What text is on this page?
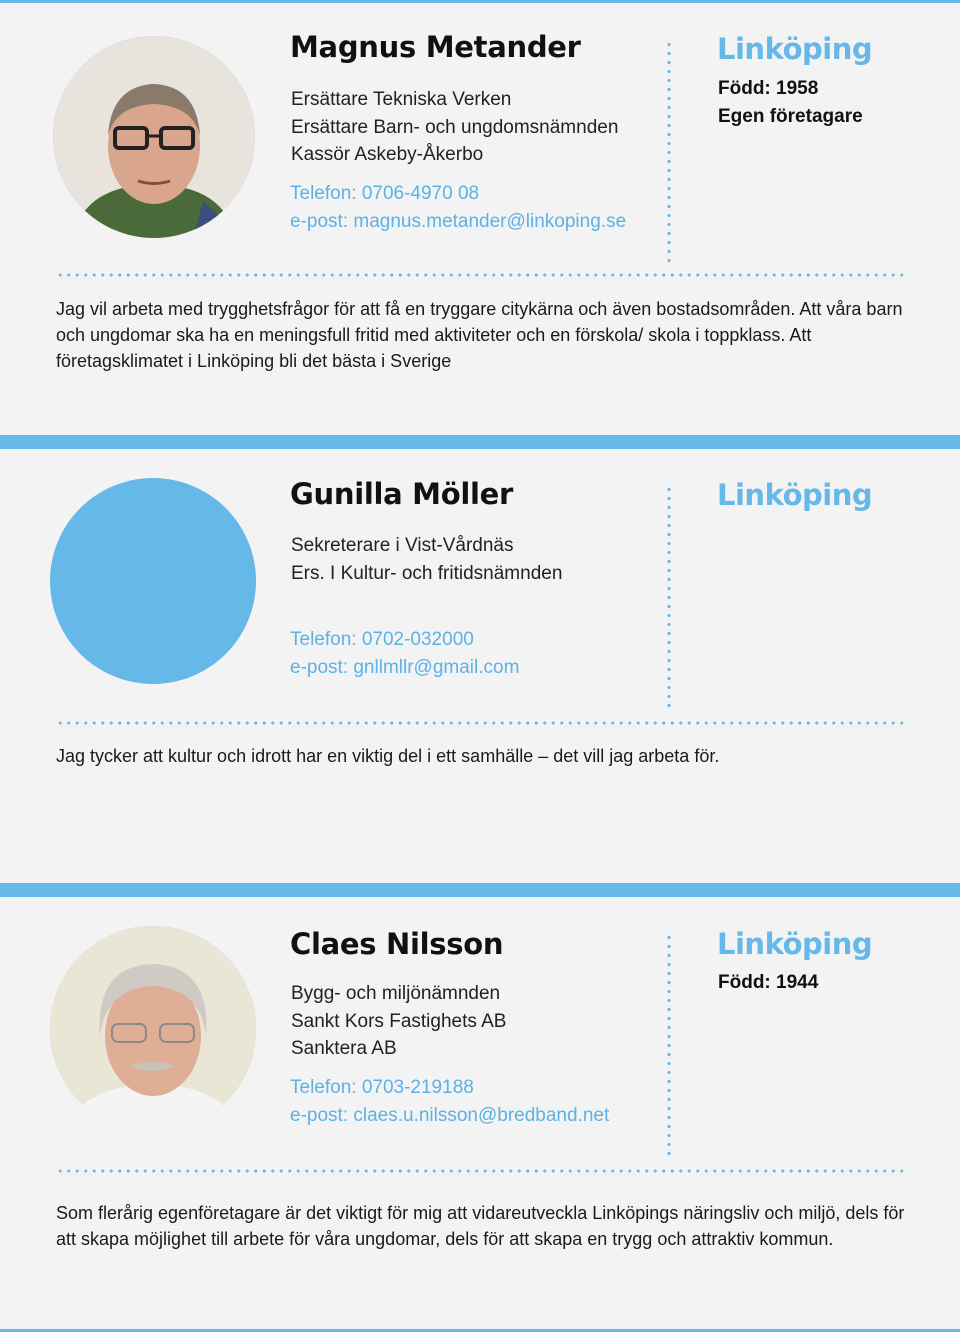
Magnus Metander
Ersättare Tekniska Verken
Ersättare Barn- och ungdomsnämnden
Kassör Askeby-Åkerbo
Telefon: 0706-4970 08
e-post: magnus.metander@linkoping.se
Linköping
Född: 1958
Egen företagare
Jag vil arbeta med trygghetsfrågor för att få en tryggare citykärna och även bostadsområden. Att våra barn och ungdomar ska ha en meningsfull fritid med aktiviteter och en förskola/ skola i toppklass. Att företagsklimatet i Linköping bli det bästa i Sverige
Gunilla Möller
Sekreterare i Vist-Vårdnäs
Ers. I Kultur- och fritidsnämnden
Telefon: 0702-032000
e-post: gnllmllr@gmail.com
Linköping
Jag tycker att kultur och idrott har en viktig del i ett samhälle – det vill jag arbeta för.
Claes Nilsson
Bygg- och miljönämnden
Sankt Kors Fastighets AB
Sanktera AB
Telefon: 0703-219188
e-post: claes.u.nilsson@bredband.net
Linköping
Född: 1944
Som flerårig egenföretagare är det viktigt för mig att vidareutveckla Linköpings näringsliv och miljö, dels för att skapa möjlighet till arbete för våra ungdomar, dels för att skapa en trygg och attraktiv kommun.
